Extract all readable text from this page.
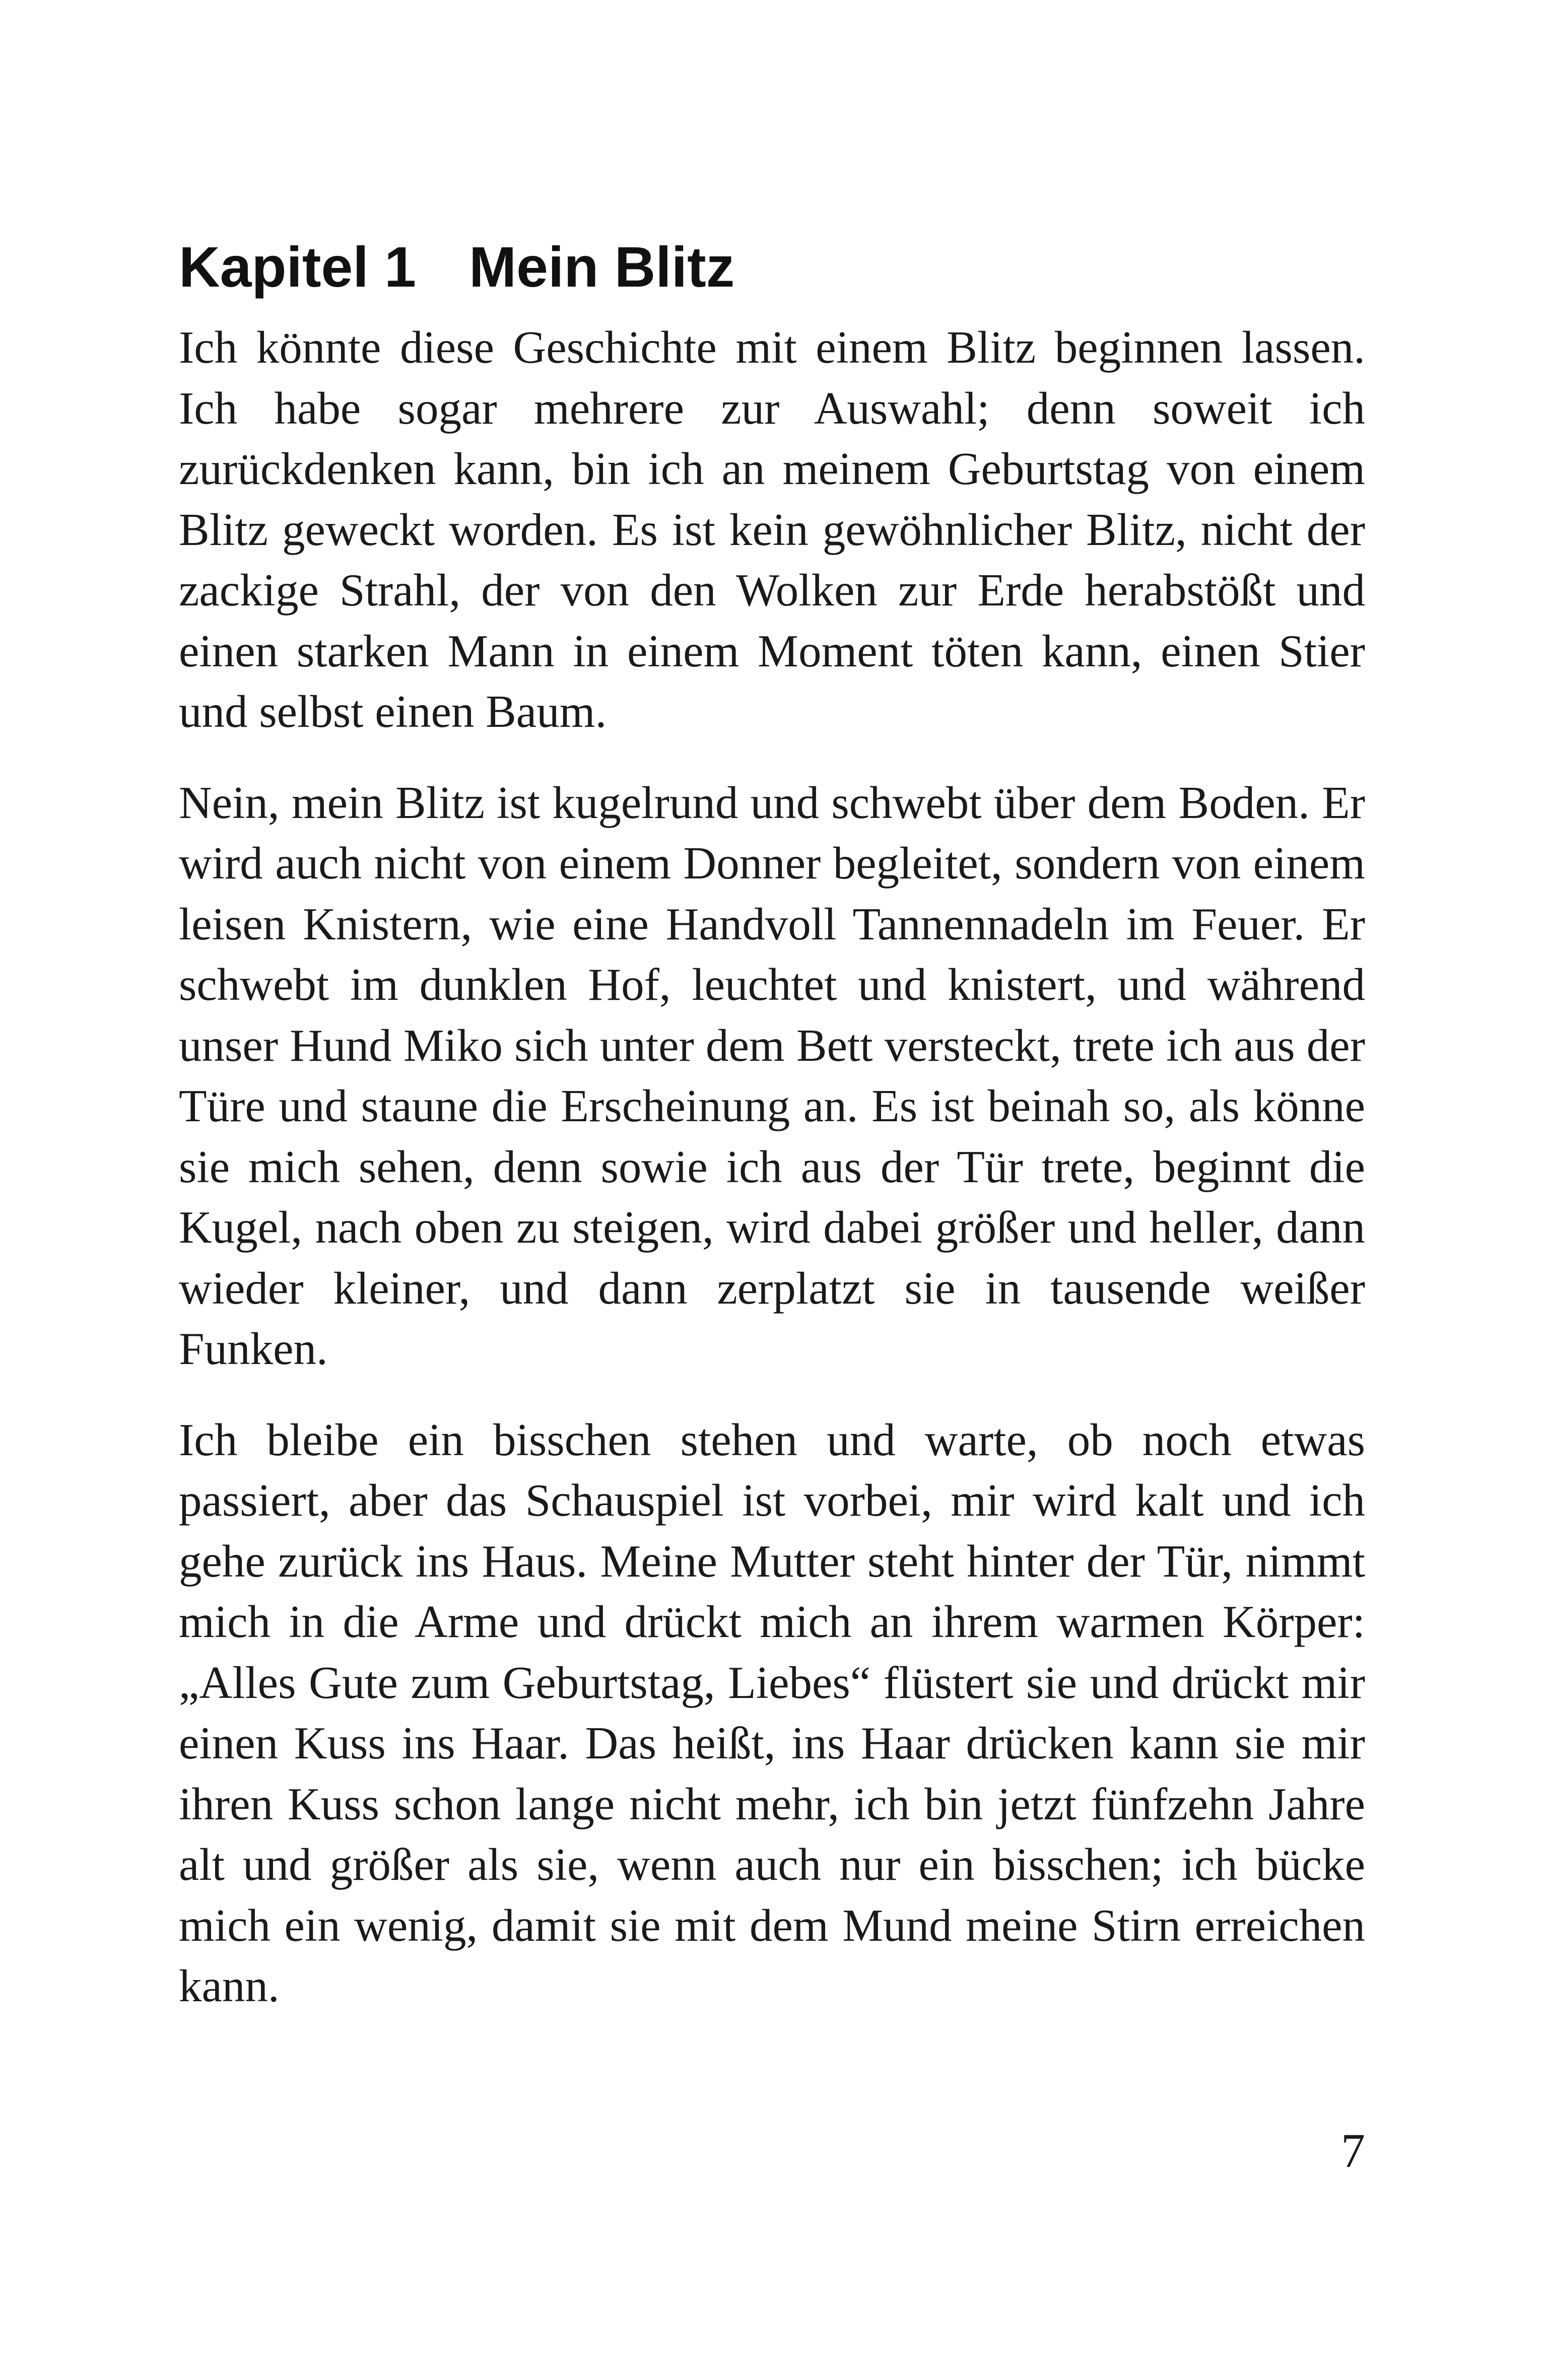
Kapitel 1 Mein Blitz

Ich könnte diese Geschichte mit einem Blitz beginnen lassen. Ich habe sogar mehrere zur Auswahl; denn soweit ich zurückdenken kann, bin ich an meinem Geburtstag von einem Blitz geweckt worden. Es ist kein gewöhnlicher Blitz, nicht der zackige Strahl, der von den Wolken zur Erde herabstößt und einen starken Mann in einem Moment töten kann, einen Stier und selbst einen Baum.

Nein, mein Blitz ist kugelrund und schwebt über dem Boden. Er wird auch nicht von einem Donner begleitet, sondern von einem leisen Knistern, wie eine Handvoll Tannennadeln im Feuer. Er schwebt im dunklen Hof, leuchtet und knistert, und während unser Hund Miko sich unter dem Bett versteckt, trete ich aus der Türe und staune die Erscheinung an. Es ist beinah so, als könne sie mich sehen, denn sowie ich aus der Tür trete, beginnt die Kugel, nach oben zu steigen, wird dabei größer und heller, dann wieder kleiner, und dann zerplatzt sie in tausende weißer Funken.

Ich bleibe ein bisschen stehen und warte, ob noch etwas passiert, aber das Schauspiel ist vorbei, mir wird kalt und ich gehe zurück ins Haus. Meine Mutter steht hinter der Tür, nimmt mich in die Arme und drückt mich an ihrem warmen Körper: „Alles Gute zum Geburtstag, Liebes“ flüstert sie und drückt mir einen Kuss ins Haar. Das heißt, ins Haar drücken kann sie mir ihren Kuss schon lange nicht mehr, ich bin jetzt fünfzehn Jahre alt und größer als sie, wenn auch nur ein bisschen; ich bücke mich ein wenig, damit sie mit dem Mund meine Stirn erreichen kann.

7
